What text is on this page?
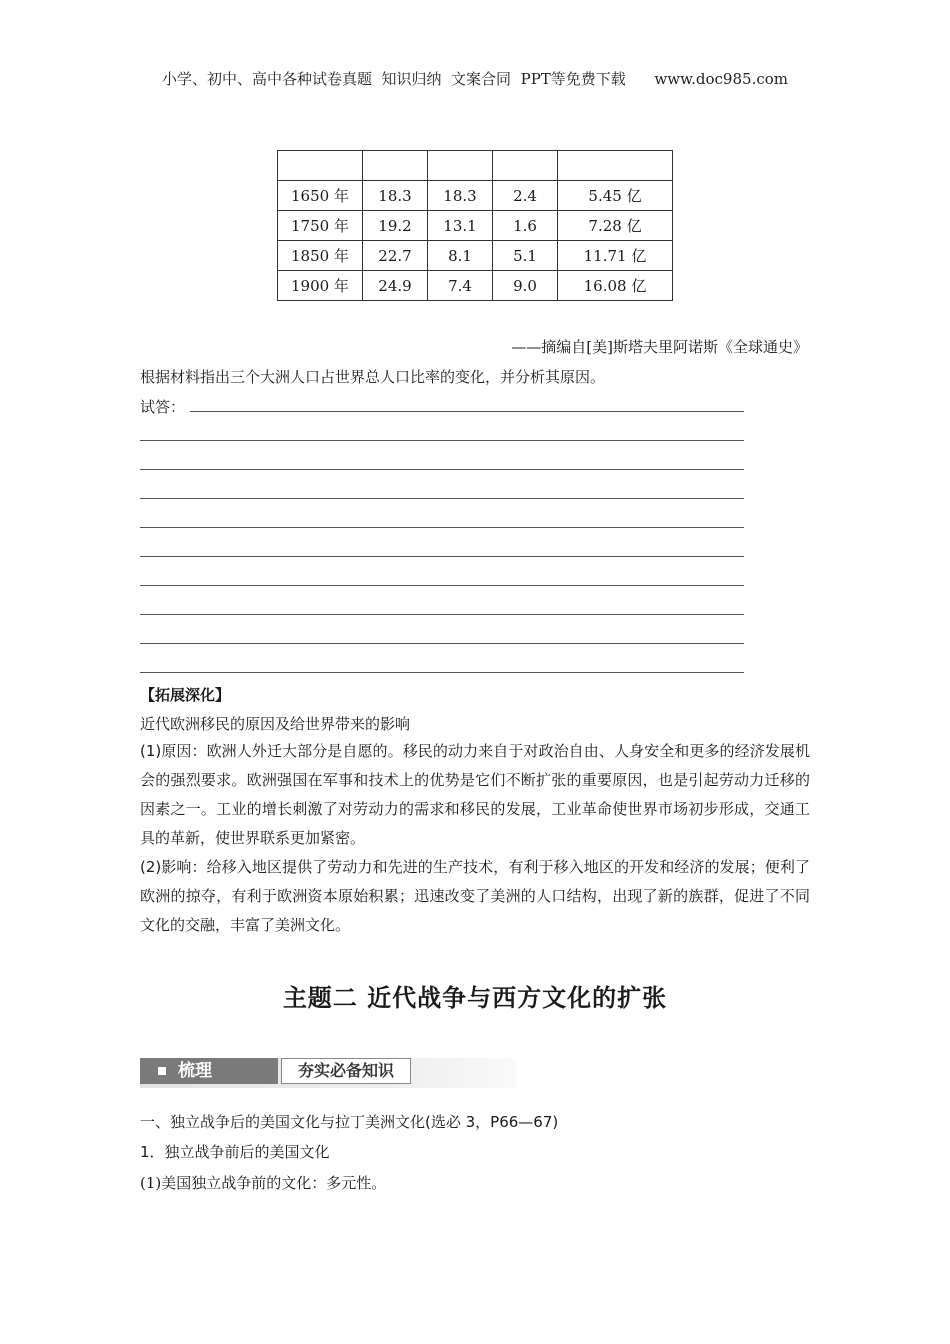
小学、初中、高中各种试卷真题  知识归纳  文案合同  PPT等免费下载      www.doc985.com

1650 年	18.3	18.3	2.4	5.45 亿
1750 年	19.2	13.1	1.6	7.28 亿
1850 年	22.7	8.1	5.1	11.71 亿
1900 年	24.9	7.4	9.0	16.08 亿
——摘编自[美]斯塔夫里阿诺斯《全球通史》
根据材料指出三个大洲人口占世界总人口比率的变化，并分析其原因。
试答：
【拓展深化】
近代欧洲移民的原因及给世界带来的影响
(1)原因：欧洲人外迁大部分是自愿的。移民的动力来自于对政治自由、人身安全和更多的经济发展机会的强烈要求。欧洲强国在军事和技术上的优势是它们不断扩张的重要原因，也是引起劳动力迁移的因素之一。工业的增长刺激了对劳动力的需求和移民的发展，工业革命使世界市场初步形成，交通工具的革新，使世界联系更加紧密。
(2)影响：给移入地区提供了劳动力和先进的生产技术，有利于移入地区的开发和经济的发展；便利了欧洲的掠夺，有利于欧洲资本原始积累；迅速改变了美洲的人口结构，出现了新的族群，促进了不同文化的交融，丰富了美洲文化。
主题二 近代战争与西方文化的扩张
梳理	夯实必备知识
一、独立战争后的美国文化与拉丁美洲文化(选必 3，P66—67)
1．独立战争前后的美国文化
(1)美国独立战争前的文化：多元性。
